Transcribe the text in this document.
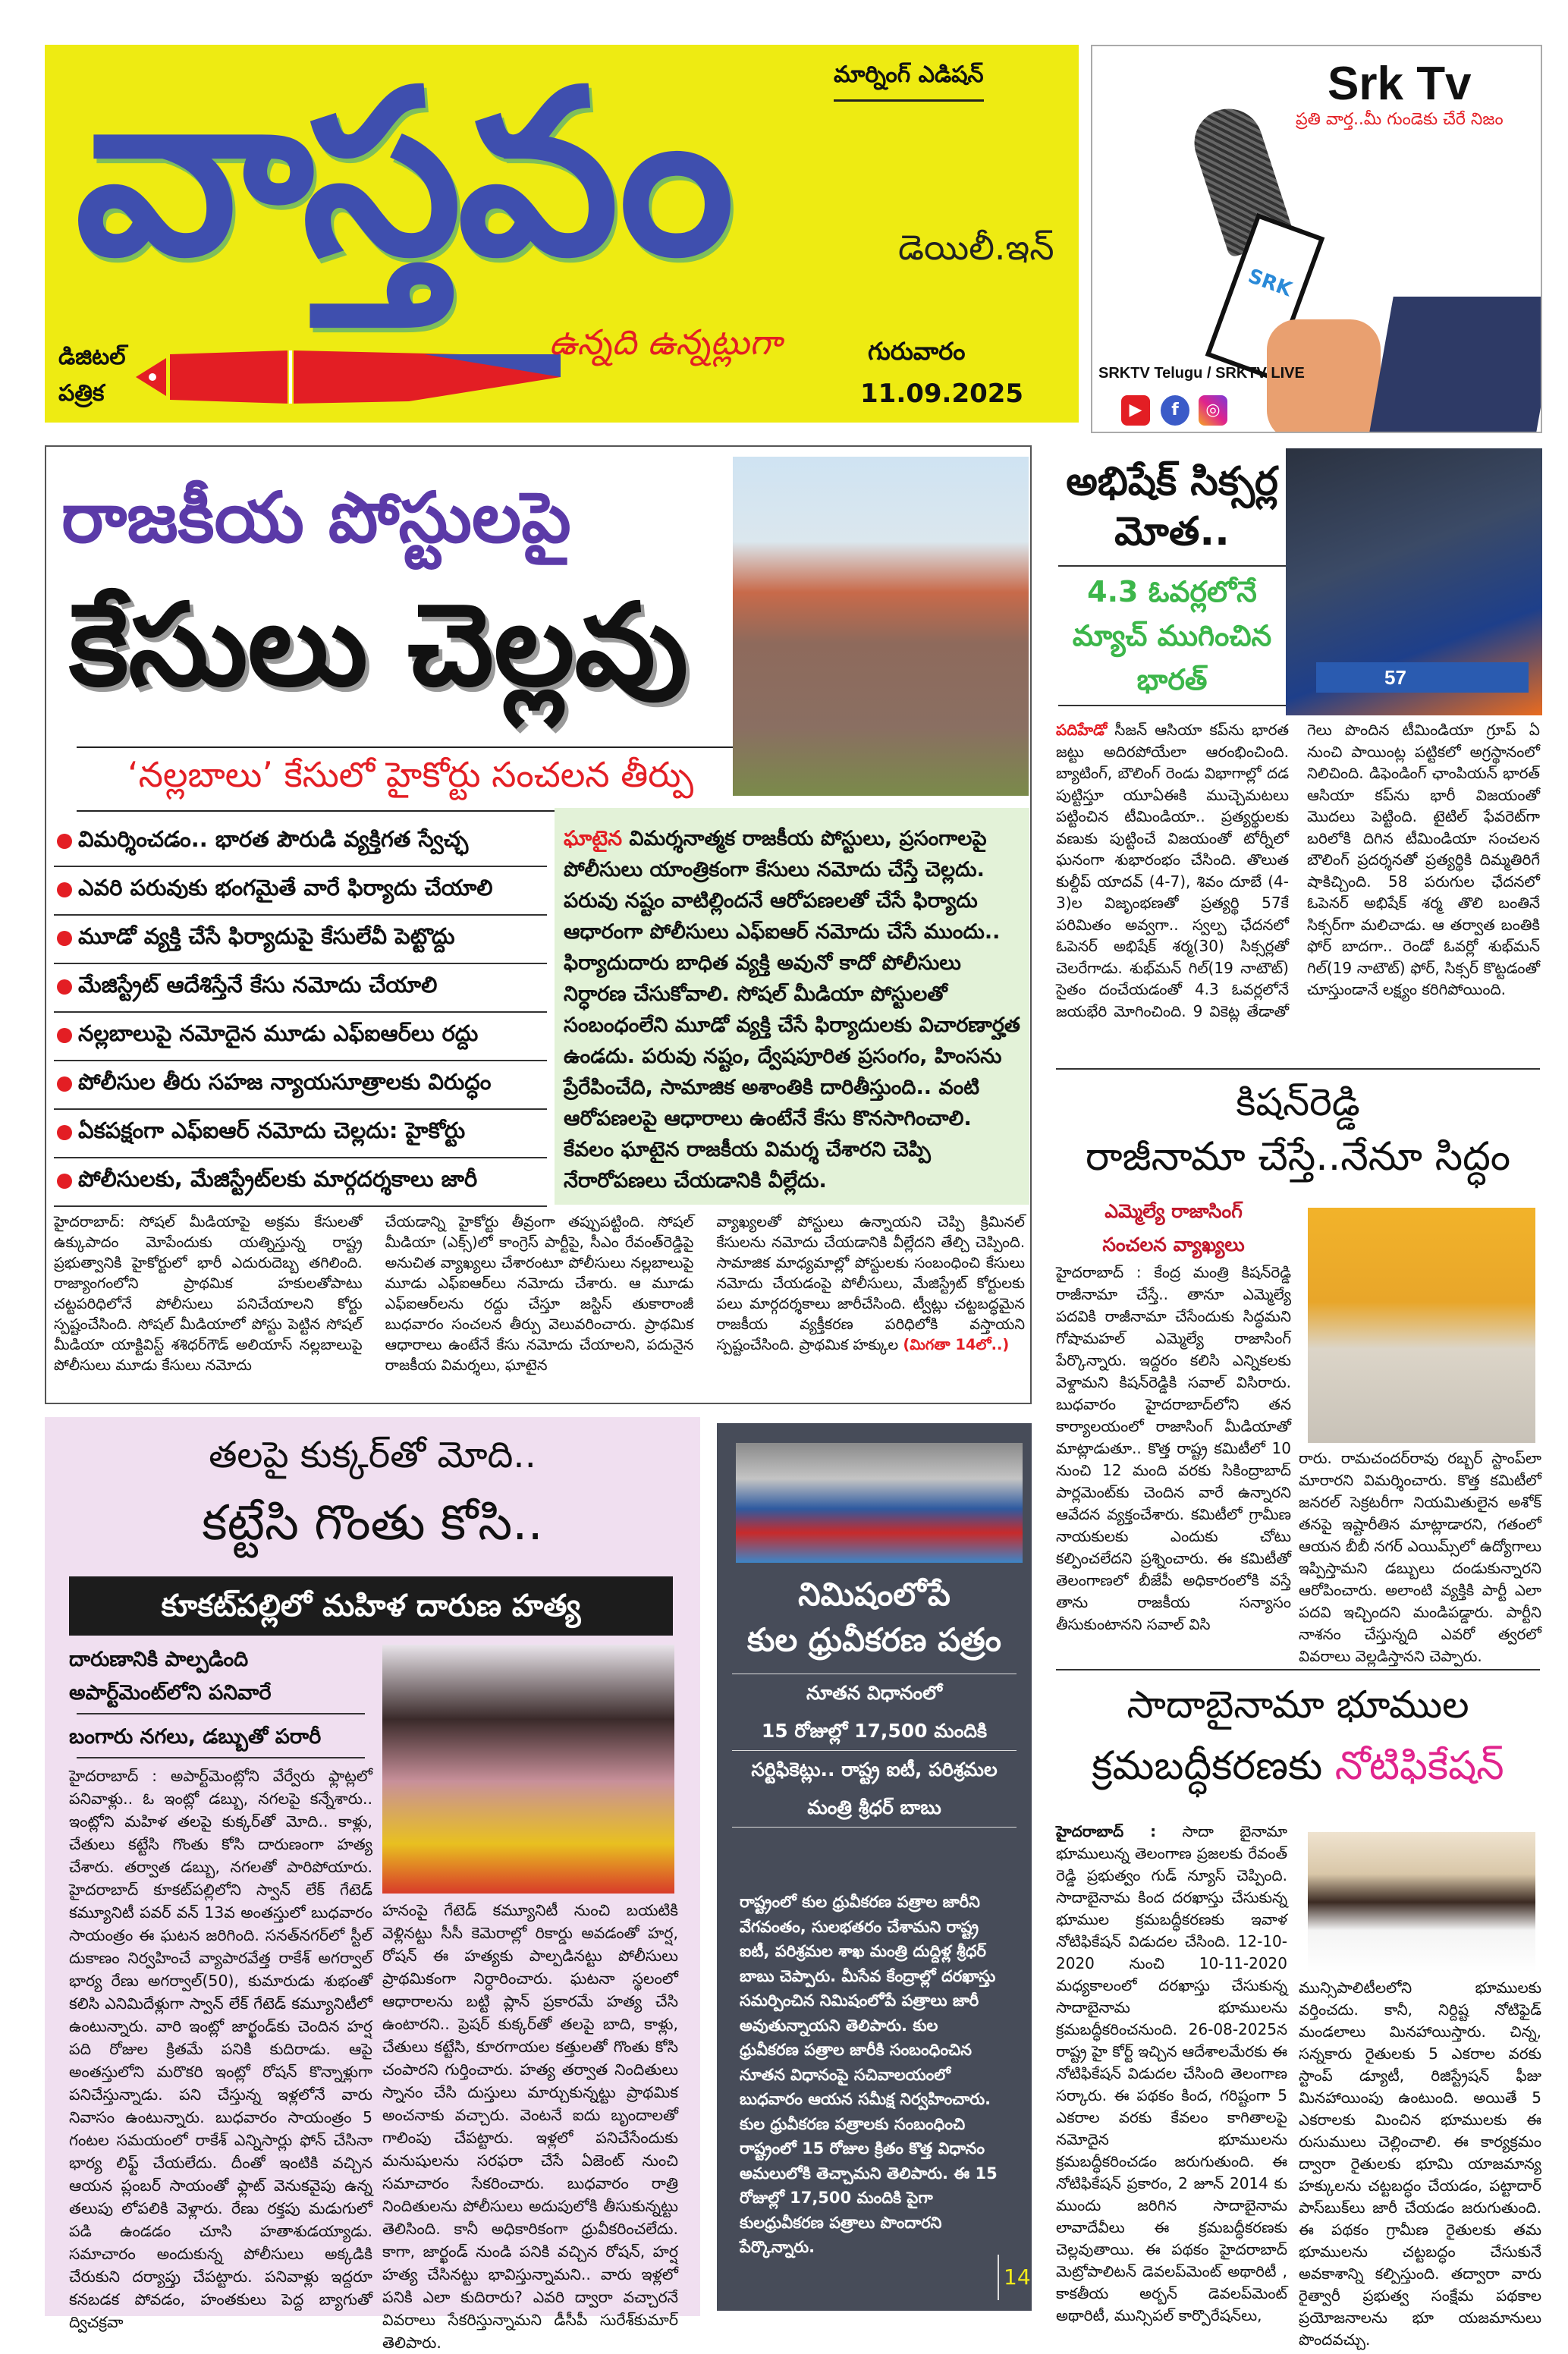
వాస్తవం	మార్నింగ్ ఎడిషన్
డెయిలీ.ఇన్
ఉన్నది ఉన్నట్లుగా
డిజిటల్
పత్రిక
గురువారం
11.09.2025
SRK
Srk Tv
ప్రతి వార్త..మీ గుండెకు చేరే నిజం
SRKTV Telugu / SRKTV LIVE
▶	f	◎
రాజకీయ పోస్టులపై
కేసులు చెల్లవు
‘నల్లబాలు’ కేసులో హైకోర్టు సంచలన తీర్పు
విమర్శించడం.. భారత పౌరుడి వ్యక్తిగత స్వేచ్ఛ
ఎవరి పరువుకు భంగమైతే వారే ఫిర్యాదు చేయాలి
మూడో వ్యక్తి చేసే ఫిర్యాదుపై కేసులేవీ పెట్టొద్దు
మేజిస్ట్రేట్ ఆదేశిస్తేనే కేసు నమోదు చేయాలి
నల్లబాలుపై నమోదైన మూడు ఎఫ్ఐఆర్‌లు రద్దు
పోలీసుల తీరు సహజ న్యాయసూత్రాలకు విరుద్ధం
ఏకపక్షంగా ఎఫ్ఐఆర్ నమోదు చెల్లదు: హైకోర్టు
పోలీసులకు, మేజిస్ట్రేట్‌లకు మార్గదర్శకాలు జారీ
ఘాటైన విమర్శనాత్మక రాజకీయ పోస్టులు, ప్రసంగాలపై పోలీసులు యాంత్రికంగా కేసులు నమోదు చేస్తే చెల్లదు. పరువు నష్టం వాటిల్లిందనే ఆరోపణలతో చేసే ఫిర్యాదు ఆధారంగా పోలీసులు ఎఫ్ఐఆర్ నమోదు చేసే ముందు.. ఫిర్యాదుదారు బాధిత వ్యక్తి అవునో కాదో పోలీసులు నిర్ధారణ చేసుకోవాలి. సోషల్ మీడియా పోస్టులతో సంబంధంలేని మూడో వ్యక్తి చేసే ఫిర్యాదులకు విచారణార్హత ఉండదు. పరువు నష్టం, ద్వేషపూరిత ప్రసంగం, హింసను ప్రేరేపించేది, సామాజిక అశాంతికి దారితీస్తుంది.. వంటి ఆరోపణలపై ఆధారాలు ఉంటేనే కేసు కొనసాగించాలి. కేవలం ఘాటైన రాజకీయ విమర్శ చేశారని చెప్పి నేరారోపణలు చేయడానికి వీల్లేదు.
హైదరాబాద్: సోషల్ మీడియాపై అక్రమ కేసులతో ఉక్కుపాదం మోపేందుకు యత్నిస్తున్న రాష్ట్ర ప్రభుత్వానికి హైకోర్టులో భారీ ఎదురుదెబ్బ తగిలింది. రాజ్యాంగంలోని ప్రాథమిక హకులతోపాటు చట్టపరిధిలోనే పోలీసులు పనిచేయాలని కోర్టు స్పష్టంచేసింది. సోషల్ మీడియాలో పోస్టు పెట్టిన సోషల్ మీడియా యాక్టివిస్ట్ శశిధర్‌గౌడ్ అలియాస్ నల్లబాలుపై పోలీసులు మూడు కేసులు నమోదు
చేయడాన్ని హైకోర్టు తీవ్రంగా తప్పుపట్టింది. సోషల్ మీడియా (ఎక్స్)లో కాంగ్రెస్ పార్టీపై, సీఎం రేవంత్‌రెడ్డిపై అనుచిత వ్యాఖ్యలు చేశారంటూ పోలీసులు నల్లబాలుపై మూడు ఎఫ్ఐఆర్‌లు నమోదు చేశారు. ఆ మూడు ఎఫ్ఐఆర్‌లను రద్దు చేస్తూ జస్టిస్ తుకారాంజీ బుధవారం సంచలన తీర్పు వెలువరించారు. ప్రాథమిక ఆధారాలు ఉంటేనే కేసు నమోదు చేయాలని, పదునైన రాజకీయ విమర్శలు, ఘాటైన
వ్యాఖ్యలతో పోస్టులు ఉన్నాయని చెప్పి క్రిమినల్ కేసులను నమోదు చేయడానికి వీల్లేదని తేల్చి చెప్పింది. సామాజిక మాధ్యమాల్లో పోస్టులకు సంబంధించి కేసులు నమోదు చేయడంపై పోలీసులు, మేజిస్ట్రేట్ కోర్టులకు పలు మార్గదర్శకాలు జారీచేసింది. ట్వీట్లు చట్టబద్ధమైన రాజకీయ వ్యక్తీకరణ పరిధిలోకి వస్తాయని స్పష్టంచేసింది. ప్రాథమిక హక్కుల (మిగతా 14లో..)
అభిషేక్ సిక్సర్ల మోత..
4.3 ఓవర్లలోనే మ్యాచ్ ముగించిన భారత్	57
పదిహేడో సీజన్ ఆసియా కప్‌ను భారత జట్టు అదిరపోయేలా ఆరంభించింది. బ్యాటింగ్, బౌలింగ్ రెండు విభాగాల్లో దడ పుట్టిస్తూ యూఏఈకి ముచ్చెమటలు పట్టించిన టీమిండియా.. ప్రత్యర్థులకు వణుకు పుట్టించే విజయంతో టోర్నీలో ఘనంగా శుభారంభం చేసింది. తొలుత కుల్దీప్ యాదవ్ (4-7), శివం దూబే (4-3)ల విజృంభణతో ప్రత్యర్థి 57కే పరిమితం అవ్వగా.. స్వల్ప ఛేదనలో ఓపెనర్ అభిషేక్ శర్మ(30) సిక్సర్లతో చెలరేగాడు. శుభ్‌మన్ గిల్(19 నాటౌట్) సైతం దంచేయడంతో 4.3 ఓవర్లలోనే జయభేరి మోగించింది. 9 వికెట్ల తేడాతో గెలు పొందిన టీమిండియా గ్రూప్ ఏ నుంచి పాయింట్ల పట్టికలో అగ్రస్థానంలో నిలిచింది. డిఫెండింగ్ ఛాంపియన్ భారత్ ఆసియా కప్‌ను భారీ విజయంతో మొదలు పెట్టింది. టైటిల్ ఫేవరెట్‌గా బరిలోకి దిగిన టీమిండియా సంచలన బౌలింగ్ ప్రదర్శనతో ప్రత్యర్థికి దిమ్మతిరిగే షాకిచ్చింది. 58 పరుగుల ఛేదనలో ఓపెనర్ అభిషేక్ శర్మ తొలి బంతినే సిక్సర్‌గా మలిచాడు. ఆ తర్వాత బంతికి ఫోర్ బాదగా.. రెండో ఓవర్లో శుభ్‌మన్ గిల్(19 నాటౌట్) ఫోర్, సిక్సర్ కొట్టడంతో చూస్తుండానే లక్ష్యం కరిగిపోయింది.
కిషన్‌రెడ్డి
రాజీనామా చేస్తే..నేనూ సిద్ధం
ఎమ్మెల్యే రాజాసింగ్
సంచలన వ్యాఖ్యలు
హైదరాబాద్ : కేంద్ర మంత్రి కిషన్‌రెడ్డి రాజీనామా చేస్తే.. తానూ ఎమ్మెల్యే పదవికి రాజీనామా చేసేందుకు సిద్ధమని గోషామహల్ ఎమ్మెల్యే రాజాసింగ్ పేర్కొన్నారు. ఇద్దరం కలిసి ఎన్నికలకు వెళ్దామని కిషన్‌రెడ్డికి సవాల్ విసిరారు. బుధవారం హైదరాబాద్‌లోని తన కార్యాలయంలో రాజాసింగ్ మీడియాతో మాట్లాడుతూ.. కొత్త రాష్ట్ర కమిటీలో 10 నుంచి 12 మంది వరకు సికింద్రాబాద్ పార్లమెంట్‌కు చెందిన వారే ఉన్నారని ఆవేదన వ్యక్తంచేశారు. కమిటీలో గ్రామీణ నాయకులకు ఎందుకు చోటు కల్పించలేదని ప్రశ్నించారు. ఈ కమిటీతో తెలంగాణలో బీజేపీ అధికారంలోకి వస్తే తాను రాజకీయ సన్యాసం తీసుకుంటానని సవాల్ విసి
రారు. రామచందర్‌రావు రబ్బర్ స్టాంప్‌లా మారారని విమర్శించారు. కొత్త కమిటీలో జనరల్ సెక్రటరీగా నియమితులైన అశోక్ తనపై ఇష్టారీతిన మాట్లాడారని, గతంలో ఆయన బీబీ నగర్ ఎయిమ్స్‌లో ఉద్యోగాలు ఇప్పిస్తామని డబ్బులు దండుకున్నారని ఆరోపించారు. అలాంటి వ్యక్తికి పార్టీ ఎలా పదవి ఇచ్చిందని మండిపడ్డారు. పార్టీని నాశనం చేస్తున్నది ఎవరో త్వరలో వివరాలు వెల్లడిస్తానని చెప్పారు.
సాదాబైనామా భూముల
క్రమబద్ధీకరణకు నోటిఫికేషన్
హైదరాబాద్ : సాదా బైనామా భూములున్న తెలంగాణ ప్రజలకు రేవంత్ రెడ్డి ప్రభుత్వం గుడ్ న్యూస్ చెప్పింది. సాదాబైనామ కింద దరఖాస్తు చేసుకున్న భూముల క్రమబద్ధీకరణకు ఇవాళ నోటిఫికేషన్ విడుదల చేసింది. 12-10-2020 నుంచి 10-11-2020 మధ్యకాలంలో దరఖాస్తు చేసుకున్న సాదాబైనామ భూములను క్రమబద్ధీకరించనుంది. 26-08-2025న రాష్ట్ర హై కోర్ట్ ఇచ్చిన ఆదేశాలమేరకు ఈ నోటిఫికేషన్ విడుదల చేసింది తెలంగాణ సర్కారు. ఈ పథకం కింద, గరిష్టంగా 5 ఎకరాల వరకు కేవలం కాగితాలపై నమోదైన భూములను క్రమబద్ధీకరించడం జరుగుతుంది. ఈ నోటిఫికేషన్ ప్రకారం, 2 జూన్ 2014 కు ముందు జరిగిన సాదాబైనామ లావాదేవీలు ఈ క్రమబద్ధీకరణకు చెల్లవుతాయి. ఈ పథకం హైదరాబాద్ మెట్రోపాలిటన్ డెవలప్‌మెంట్ అథారిటీ , కాకతీయ అర్బన్ డెవలప్‌మెంట్ అథారిటీ, మున్సిపల్ కార్పొరేషన్‌లు,
మున్సిపాలిటీలలోని భూములకు వర్తించదు. కానీ, నిర్దిష్ట నోటిఫైడ్ మండలాలు మినహాయిస్తారు. చిన్న, సన్నకారు రైతులకు 5 ఎకరాల వరకు స్టాంప్ డ్యూటీ, రిజిస్ట్రేషన్ ఫీజు మినహాయింపు ఉంటుంది. అయితే 5 ఎకరాలకు మించిన భూములకు ఈ రుసుములు చెల్లించాలి. ఈ కార్యక్రమం ద్వారా రైతులకు భూమి యాజమాన్య హక్కులను చట్టబద్ధం చేయడం, పట్టాదార్ పాస్‌బుక్‌లు జారీ చేయడం జరుగుతుంది. ఈ పథకం గ్రామీణ రైతులకు తమ భూములను చట్టబద్ధం చేసుకునే అవకాశాన్ని కల్పిస్తుంది. తద్వారా వారు రైత్వారీ ప్రభుత్వ సంక్షేమ పథకాల ప్రయోజనాలను భూ యజమానులు పొందవచ్చు.
తలపై కుక్కర్‌తో మోది..
కట్టేసి గొంతు కోసి..
కూకట్‌పల్లిలో మహిళ దారుణ హత్య
దారుణానికి పాల్పడింది
అపార్ట్‌మెంట్‌లోని పనివారే
బంగారు నగలు, డబ్బుతో పరారీ
హైదరాబాద్ : అపార్ట్‌మెంట్లోని వేర్వేరు ఫ్లాట్లలో పనివాళ్లు.. ఓ ఇంట్లో డబ్బు, నగలపై కన్నేశారు.. ఇంట్లోని మహిళ తలపై కుక్కర్‌తో మోది.. కాళ్లు, చేతులు కట్టేసి గొంతు కోసి దారుణంగా హత్య చేశారు. తర్వాత డబ్బు, నగలతో పారిపోయారు. హైదరాబాద్ కూకట్‌పల్లిలోని స్వాన్ లేక్ గేటెడ్ కమ్యూనిటీ పవర్ వన్ 13వ అంతస్తులో బుధవారం సాయంత్రం ఈ ఘటన జరిగింది. సనత్‌నగర్‌లో స్టీల్ దుకాణం నిర్వహించే వ్యాపారవేత్త రాకేశ్ అగర్వాల్ భార్య రేణు అగర్వాల్(50), కుమారుడు శుభంతో కలిసి ఎనిమిదేళ్లుగా స్వాన్ లేక్ గేటెడ్ కమ్యూనిటీలో ఉంటున్నారు. వారి ఇంట్లో జార్ఖండ్‌కు చెందిన హర్ష పది రోజుల క్రితమే పనికి కుదిరాడు. ఆపై అంతస్తులోని మరొకరి ఇంట్లో రోషన్ కొన్నాళ్లుగా పనిచేస్తున్నాడు. పని చేస్తున్న ఇళ్లలోనే వారు నివాసం ఉంటున్నారు. బుధవారం సాయంత్రం 5 గంటల సమయంలో రాకేశ్ ఎన్నిసార్లు ఫోన్ చేసినా భార్య లిఫ్ట్ చేయలేదు. దీంతో ఇంటికి వచ్చిన ఆయన ప్లంబర్ సాయంతో ఫ్లాట్ వెనుకవైపు ఉన్న తలుపు లోపలికి వెళ్లారు. రేణు రక్తపు మడుగులో పడి ఉండడం చూసి హతాశుడయ్యాడు. సమాచారం అందుకున్న పోలీసులు అక్కడికి చేరుకుని దర్యాప్తు చేపట్టారు. పనివాళ్లు ఇద్దరూ కనబడక పోవడం, హంతకులు పెద్ద బ్యాగుతో ద్విచక్రవా
హనంపై గేటెడ్ కమ్యూనిటీ నుంచి బయటికి వెళ్లినట్టు సీసీ కెమెరాల్లో రికార్డు అవడంతో హర్ష, రోషన్ ఈ హత్యకు పాల్పడినట్టు పోలీసులు ప్రాథమికంగా నిర్ధారించారు. ఘటనా స్థలంలో ఆధారాలను బట్టి ప్లాన్ ప్రకారమే హత్య చేసి ఉంటారని.. ప్రెషర్ కుక్కర్‌తో తలపై బాది, కాళ్లు, చేతులు కట్టేసి, కూరగాయల కత్తులతో గొంతు కోసి చంపారని గుర్తించారు. హత్య తర్వాత నిందితులు స్నానం చేసి దుస్తులు మార్చుకున్నట్టు ప్రాథమిక అంచనాకు వచ్చారు. వెంటనే ఐదు బృందాలతో గాలింపు చేపట్టారు. ఇళ్లలో పనిచేసేందుకు మనుషులను సరఫరా చేసే ఏజెంట్ నుంచి సమాచారం సేకరించారు. బుధవారం రాత్రి నిందితులను పోలీసులు అదుపులోకి తీసుకున్నట్టు తెలిసింది. కానీ అధికారికంగా ధ్రువీకరించలేదు. కాగా, జార్ఖండ్ నుండి పనికి వచ్చిన రోషన్, హర్ష హత్య చేసినట్టు భావిస్తున్నామని.. వారు ఇళ్లలో పనికి ఎలా కుదిరారు? ఎవరి ద్వారా వచ్చారనే వివరాలు సేకరిస్తున్నామని డీసీపీ సురేశ్‌కుమార్ తెలిపారు.
నిమిషంలోపే
కుల ధ్రువీకరణ పత్రం
నూతన విధానంలో
15 రోజుల్లో 17,500 మందికి
సర్టిఫికెట్లు.. రాష్ట్ర ఐటీ, పరిశ్రమల మంత్రి శ్రీధర్ బాబు
రాష్ట్రంలో కుల ధ్రువీకరణ పత్రాల జారీని వేగవంతం, సులభతరం చేశామని రాష్ట్ర ఐటీ, పరిశ్రమల శాఖ మంత్రి దుద్దిళ్ల శ్రీధర్ బాబు చెప్పారు. మీసేవ కేంద్రాల్లో దరఖాస్తు సమర్పించిన నిమిషంలోపే పత్రాలు జారీ అవుతున్నాయని తెలిపారు. కుల ధ్రువీకరణ పత్రాల జారీకి సంబంధించిన నూతన విధానంపై సచివాలయంలో బుధవారం ఆయన సమీక్ష నిర్వహించారు. కుల ధ్రువీకరణ పత్రాలకు సంబంధించి రాష్ట్రంలో 15 రోజుల క్రితం కొత్త విధానం అమలులోకి తెచ్చామని తెలిపారు. ఈ 15 రోజుల్లో 17,500 మందికి పైగా కులధ్రువీకరణ పత్రాలు పొందారని పేర్కొన్నారు.
14
